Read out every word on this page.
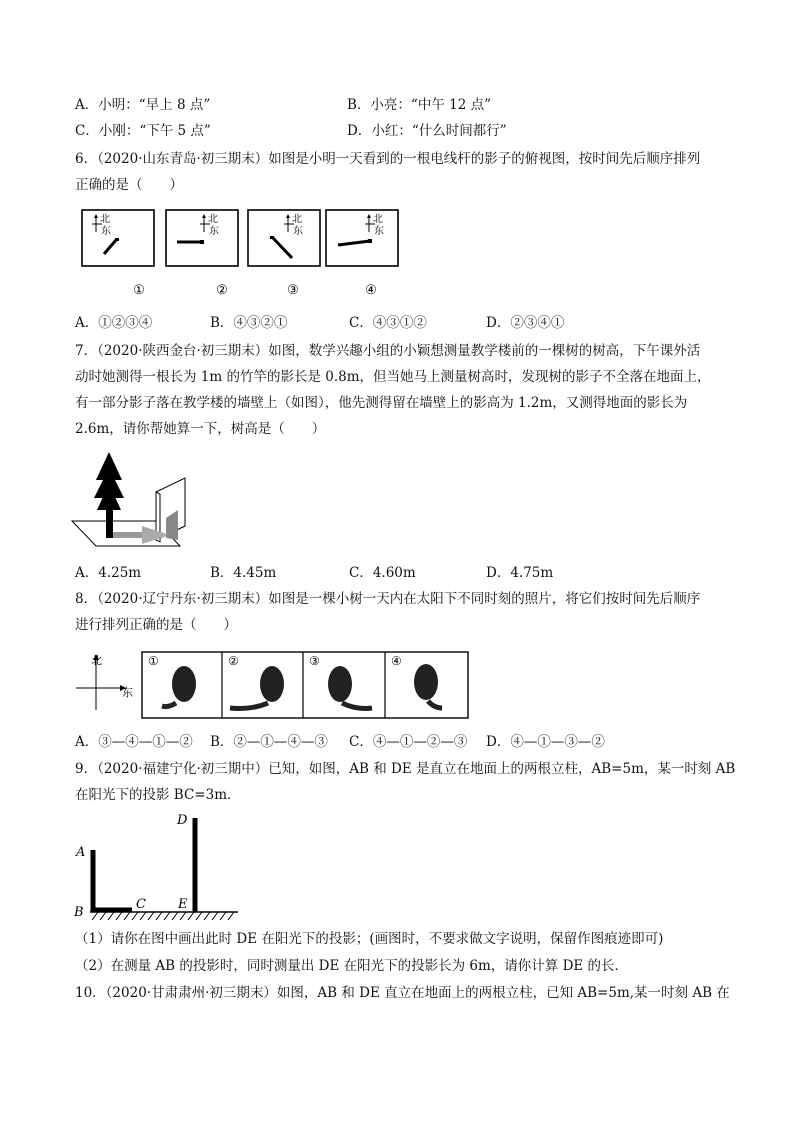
A．小明：“早上 8 点”	B．小亮：“中午 12 点”
C．小刚：“下午 5 点”	D．小红：“什么时间都行”
6．（2020·山东青岛·初三期末）如图是小明一天看到的一根电线杆的影子的俯视图，按时间先后顺序排列
正确的是（　　）
北
东
北
东
北
东
北
东
①	②	③	④
A．①②③④	B．④③②①	C．④③①②	D．②③④①
7．（2020·陕西金台·初三期末）如图，数学兴趣小组的小颖想测量教学楼前的一棵树的树高，下午课外活
动时她测得一根长为 1m 的竹竿的影长是 0.8m，但当她马上测量树高时，发现树的影子不全落在地面上，
有一部分影子落在教学楼的墙壁上（如图），他先测得留在墙壁上的影高为 1.2m，又测得地面的影长为
2.6m，请你帮她算一下，树高是（　　）
A．4.25m	B．4.45m	C．4.60m	D．4.75m
8．（2020·辽宁丹东·初三期末）如图是一棵小树一天内在太阳下不同时刻的照片，将它们按时间先后顺序
进行排列正确的是（　　）
北
东
①	②	③	④
A．③—④—①—② B．②—①—④—③ C．④—①—②—③ D．④—①—③—②
9．（2020·福建宁化·初三期中）已知，如图，AB 和 DE 是直立在地面上的两根立柱，AB=5m，某一时刻 AB
在阳光下的投影 BC=3m．
A
B
C
D
E
（1）请你在图中画出此时 DE 在阳光下的投影；(画图时，不要求做文字说明，保留作图痕迹即可)
（2）在测量 AB 的投影时，同时测量出 DE 在阳光下的投影长为 6m，请你计算 DE 的长．
10．（2020·甘肃肃州·初三期末）如图，AB 和 DE 直立在地面上的两根立柱，已知 AB=5m,某一时刻 AB 在
